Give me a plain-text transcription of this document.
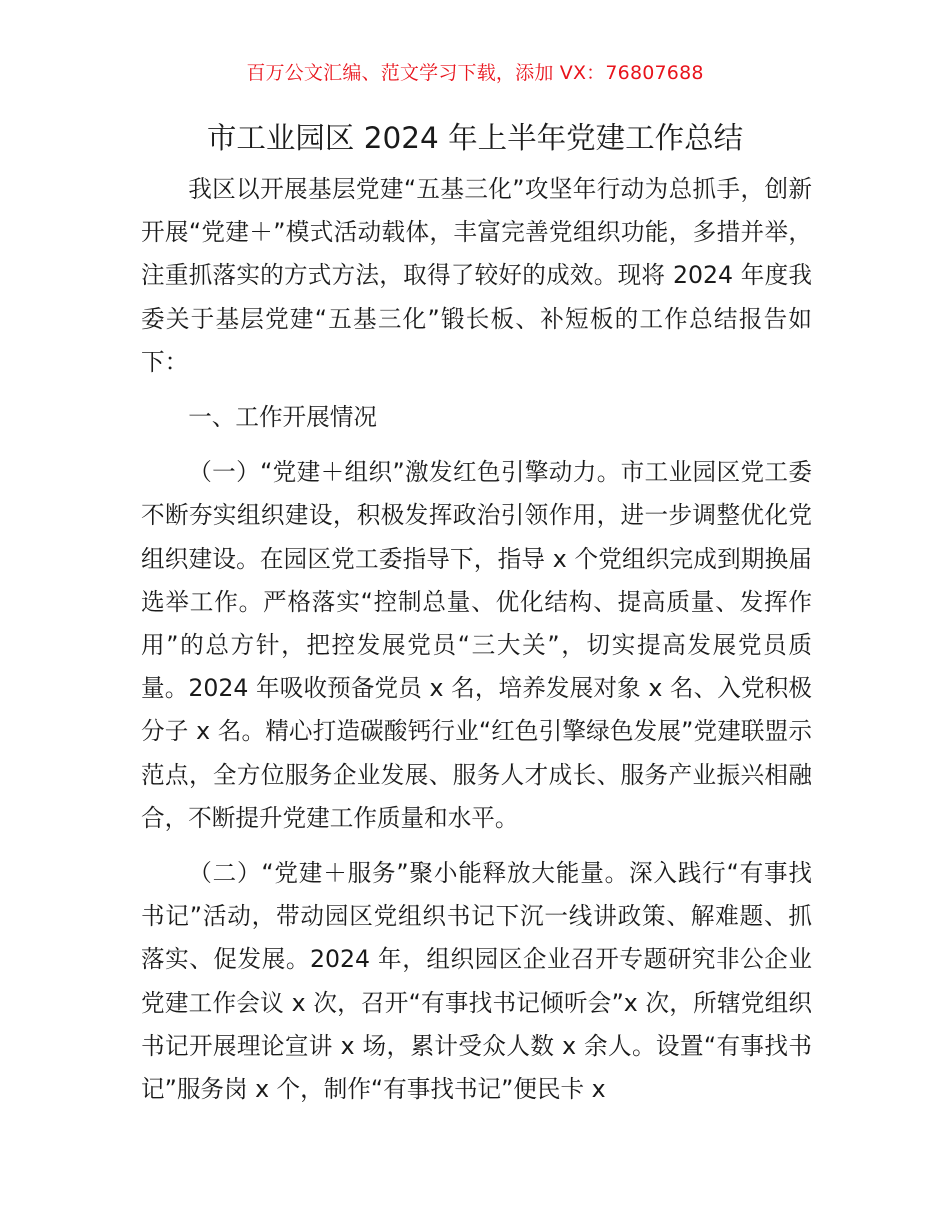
百万公文汇编、范文学习下载，添加 VX：76807688

市工业园区 2024 年上半年党建工作总结

我区以开展基层党建“五基三化”攻坚年行动为总抓手，创新开展“党建＋”模式活动载体，丰富完善党组织功能，多措并举，注重抓落实的方式方法，取得了较好的成效。现将 2024 年度我委关于基层党建“五基三化”锻长板、补短板的工作总结报告如下：

一、工作开展情况

（一）“党建＋组织”激发红色引擎动力。市工业园区党工委不断夯实组织建设，积极发挥政治引领作用，进一步调整优化党组织建设。在园区党工委指导下，指导 x 个党组织完成到期换届选举工作。严格落实“控制总量、优化结构、提高质量、发挥作用”的总方针，把控发展党员“三大关”，切实提高发展党员质量。2024 年吸收预备党员 x 名，培养发展对象 x 名、入党积极分子 x 名。精心打造碳酸钙行业“红色引擎绿色发展”党建联盟示范点，全方位服务企业发展、服务人才成长、服务产业振兴相融合，不断提升党建工作质量和水平。

（二）“党建＋服务”聚小能释放大能量。深入践行“有事找书记”活动，带动园区党组织书记下沉一线讲政策、解难题、抓落实、促发展。2024 年，组织园区企业召开专题研究非公企业党建工作会议 x 次，召开“有事找书记倾听会”x 次，所辖党组织书记开展理论宣讲 x 场，累计受众人数 x 余人。设置“有事找书记”服务岗 x 个，制作“有事找书记”便民卡 x
